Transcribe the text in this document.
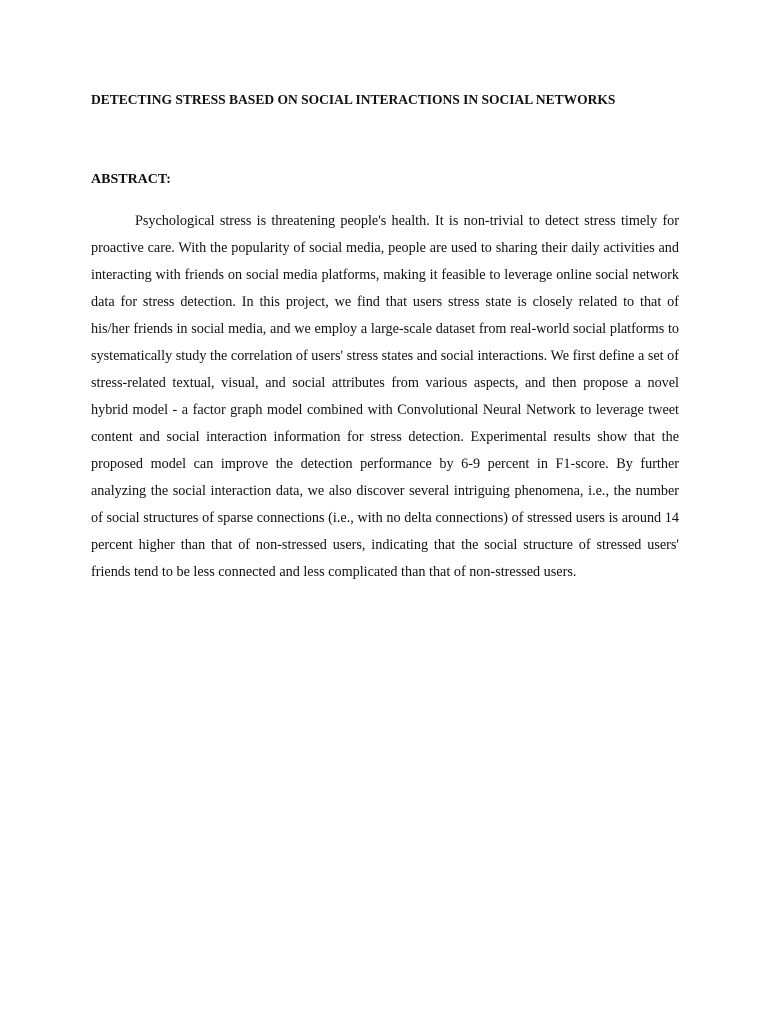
DETECTING STRESS BASED ON SOCIAL INTERACTIONS IN SOCIAL NETWORKS
ABSTRACT:

Psychological stress is threatening people's health. It is non-trivial to detect stress timely for proactive care. With the popularity of social media, people are used to sharing their daily activities and interacting with friends on social media platforms, making it feasible to leverage online social network data for stress detection. In this project, we find that users stress state is closely related to that of his/her friends in social media, and we employ a large-scale dataset from real-world social platforms to systematically study the correlation of users' stress states and social interactions. We first define a set of stress-related textual, visual, and social attributes from various aspects, and then propose a novel hybrid model - a factor graph model combined with Convolutional Neural Network to leverage tweet content and social interaction information for stress detection. Experimental results show that the proposed model can improve the detection performance by 6-9 percent in F1-score. By further analyzing the social interaction data, we also discover several intriguing phenomena, i.e., the number of social structures of sparse connections (i.e., with no delta connections) of stressed users is around 14 percent higher than that of non-stressed users, indicating that the social structure of stressed users' friends tend to be less connected and less complicated than that of non-stressed users.
